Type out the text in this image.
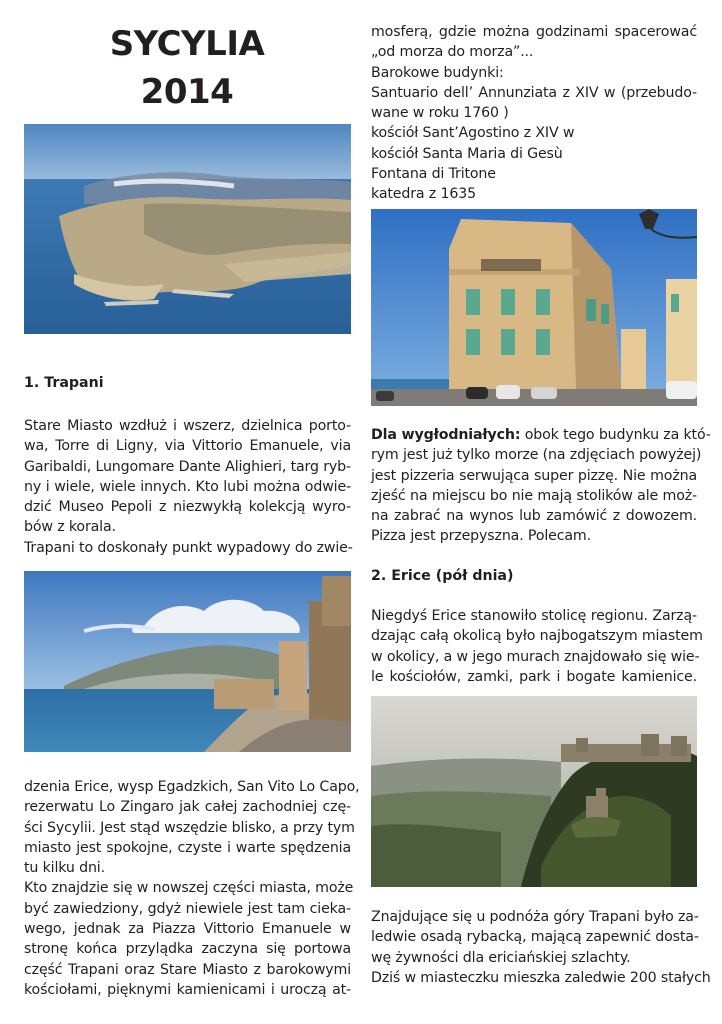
SYCYLIA
2014
1. Trapani
Stare Miasto wzdłuż i wszerz, dzielnica porto-
wa, Torre di Ligny, via Vittorio Emanuele, via
Garibaldi, Lungomare Dante Alighieri, targ ryb-
ny i wiele, wiele innych. Kto lubi można odwie-
dzić Museo Pepoli z niezwykłą kolekcją wyro-
bów z korala.
Trapani to doskonały punkt wypadowy do zwie-
dzenia Erice, wysp Egadzkich, San Vito Lo Capo,
rezerwatu Lo Zingaro jak całej zachodniej czę-
ści Sycylii. Jest stąd wszędzie blisko, a przy tym
miasto jest spokojne, czyste i warte spędzenia
tu kilku dni.
Kto znajdzie się w nowszej części miasta, może
być zawiedziony, gdyż niewiele jest tam cieka-
wego, jednak za Piazza Vittorio Emanuele w
stronę końca przylądka zaczyna się portowa
część Trapani oraz Stare Miasto z barokowymi
kościołami, pięknymi kamienicami i uroczą at-
mosferą, gdzie można godzinami spacerować
„od morza do morza”...
Barokowe budynki:
Santuario dell’ Annunziata z XIV w (przebudo-
wane w roku 1760 )
kościół Sant’Agostino z XIV w
kościół Santa Maria di Gesù
Fontana di Tritone
katedra z 1635
Dla wygłodniałych: obok tego budynku za któ-
rym jest już tylko morze (na zdjęciach powyżej)
jest pizzeria serwująca super pizzę. Nie można
zjeść na miejscu bo nie mają stolików ale moż-
na zabrać na wynos lub zamówić z dowozem.
Pizza jest przepyszna. Polecam.
2. Erice (pół dnia)
Niegdyś Erice stanowiło stolicę regionu. Zarzą-
dzając całą okolicą było najbogatszym miastem
w okolicy, a w jego murach znajdowało się wie-
le kościołów, zamki, park i bogate kamienice.
Znajdujące się u podnóża góry Trapani było za-
ledwie osadą rybacką, mającą zapewnić dosta-
wę żywności dla ericiańskiej szlachty.
Dziś w miasteczku mieszka zaledwie 200 stałych
